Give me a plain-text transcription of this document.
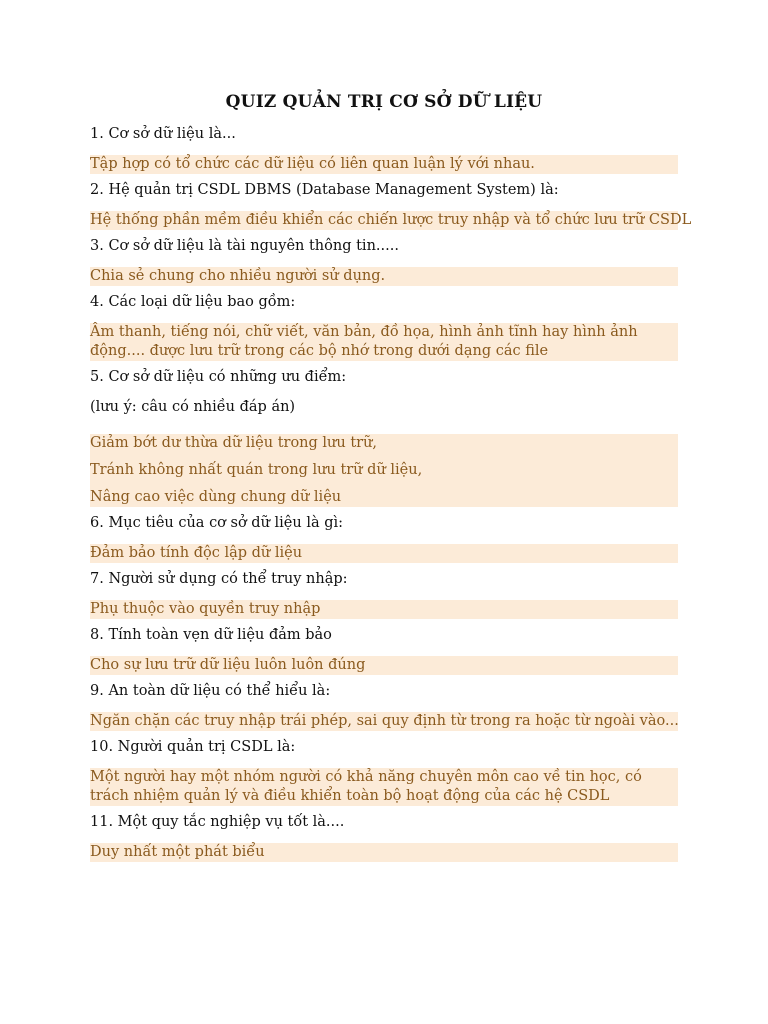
QUIZ QUẢN TRỊ CƠ SỞ DỮ LIỆU

1. Cơ sở dữ liệu là...

Tập hợp có tổ chức các dữ liệu có liên quan luận lý với nhau.

2. Hệ quản trị CSDL DBMS (Database Management System) là:

Hệ thống phần mềm điều khiển các chiến lược truy nhập và tổ chức lưu trữ CSDL

3. Cơ sở dữ liệu là tài nguyên thông tin.....

Chia sẻ chung cho nhiều người sử dụng.

4. Các loại dữ liệu bao gồm:

Âm thanh, tiếng nói, chữ viết, văn bản, đồ họa, hình ảnh tĩnh hay hình ảnh động.... được lưu trữ trong các bộ nhớ trong dưới dạng các file

5. Cơ sở dữ liệu có những ưu điểm:

(lưu ý: câu có nhiều đáp án)

Giảm bớt dư thừa dữ liệu trong lưu trữ,

Tránh không nhất quán trong lưu trữ dữ liệu,

Nâng cao việc dùng chung dữ liệu

6. Mục tiêu của cơ sở dữ liệu là gì:

Đảm bảo tính độc lập dữ liệu

7. Người sử dụng có thể truy nhập:

Phụ thuộc vào quyền truy nhập

8. Tính toàn vẹn dữ liệu đảm bảo

Cho sự lưu trữ dữ liệu luôn luôn đúng

9. An toàn dữ liệu có thể hiểu là:

Ngăn chặn các truy nhập trái phép, sai quy định từ trong ra hoặc từ ngoài vào...

10. Người quản trị CSDL là:

Một người hay một nhóm người có khả năng chuyên môn cao về tin học, có trách nhiệm quản lý và điều khiển toàn bộ hoạt động của các hệ CSDL

11. Một quy tắc nghiệp vụ tốt là....

Duy nhất một phát biểu
